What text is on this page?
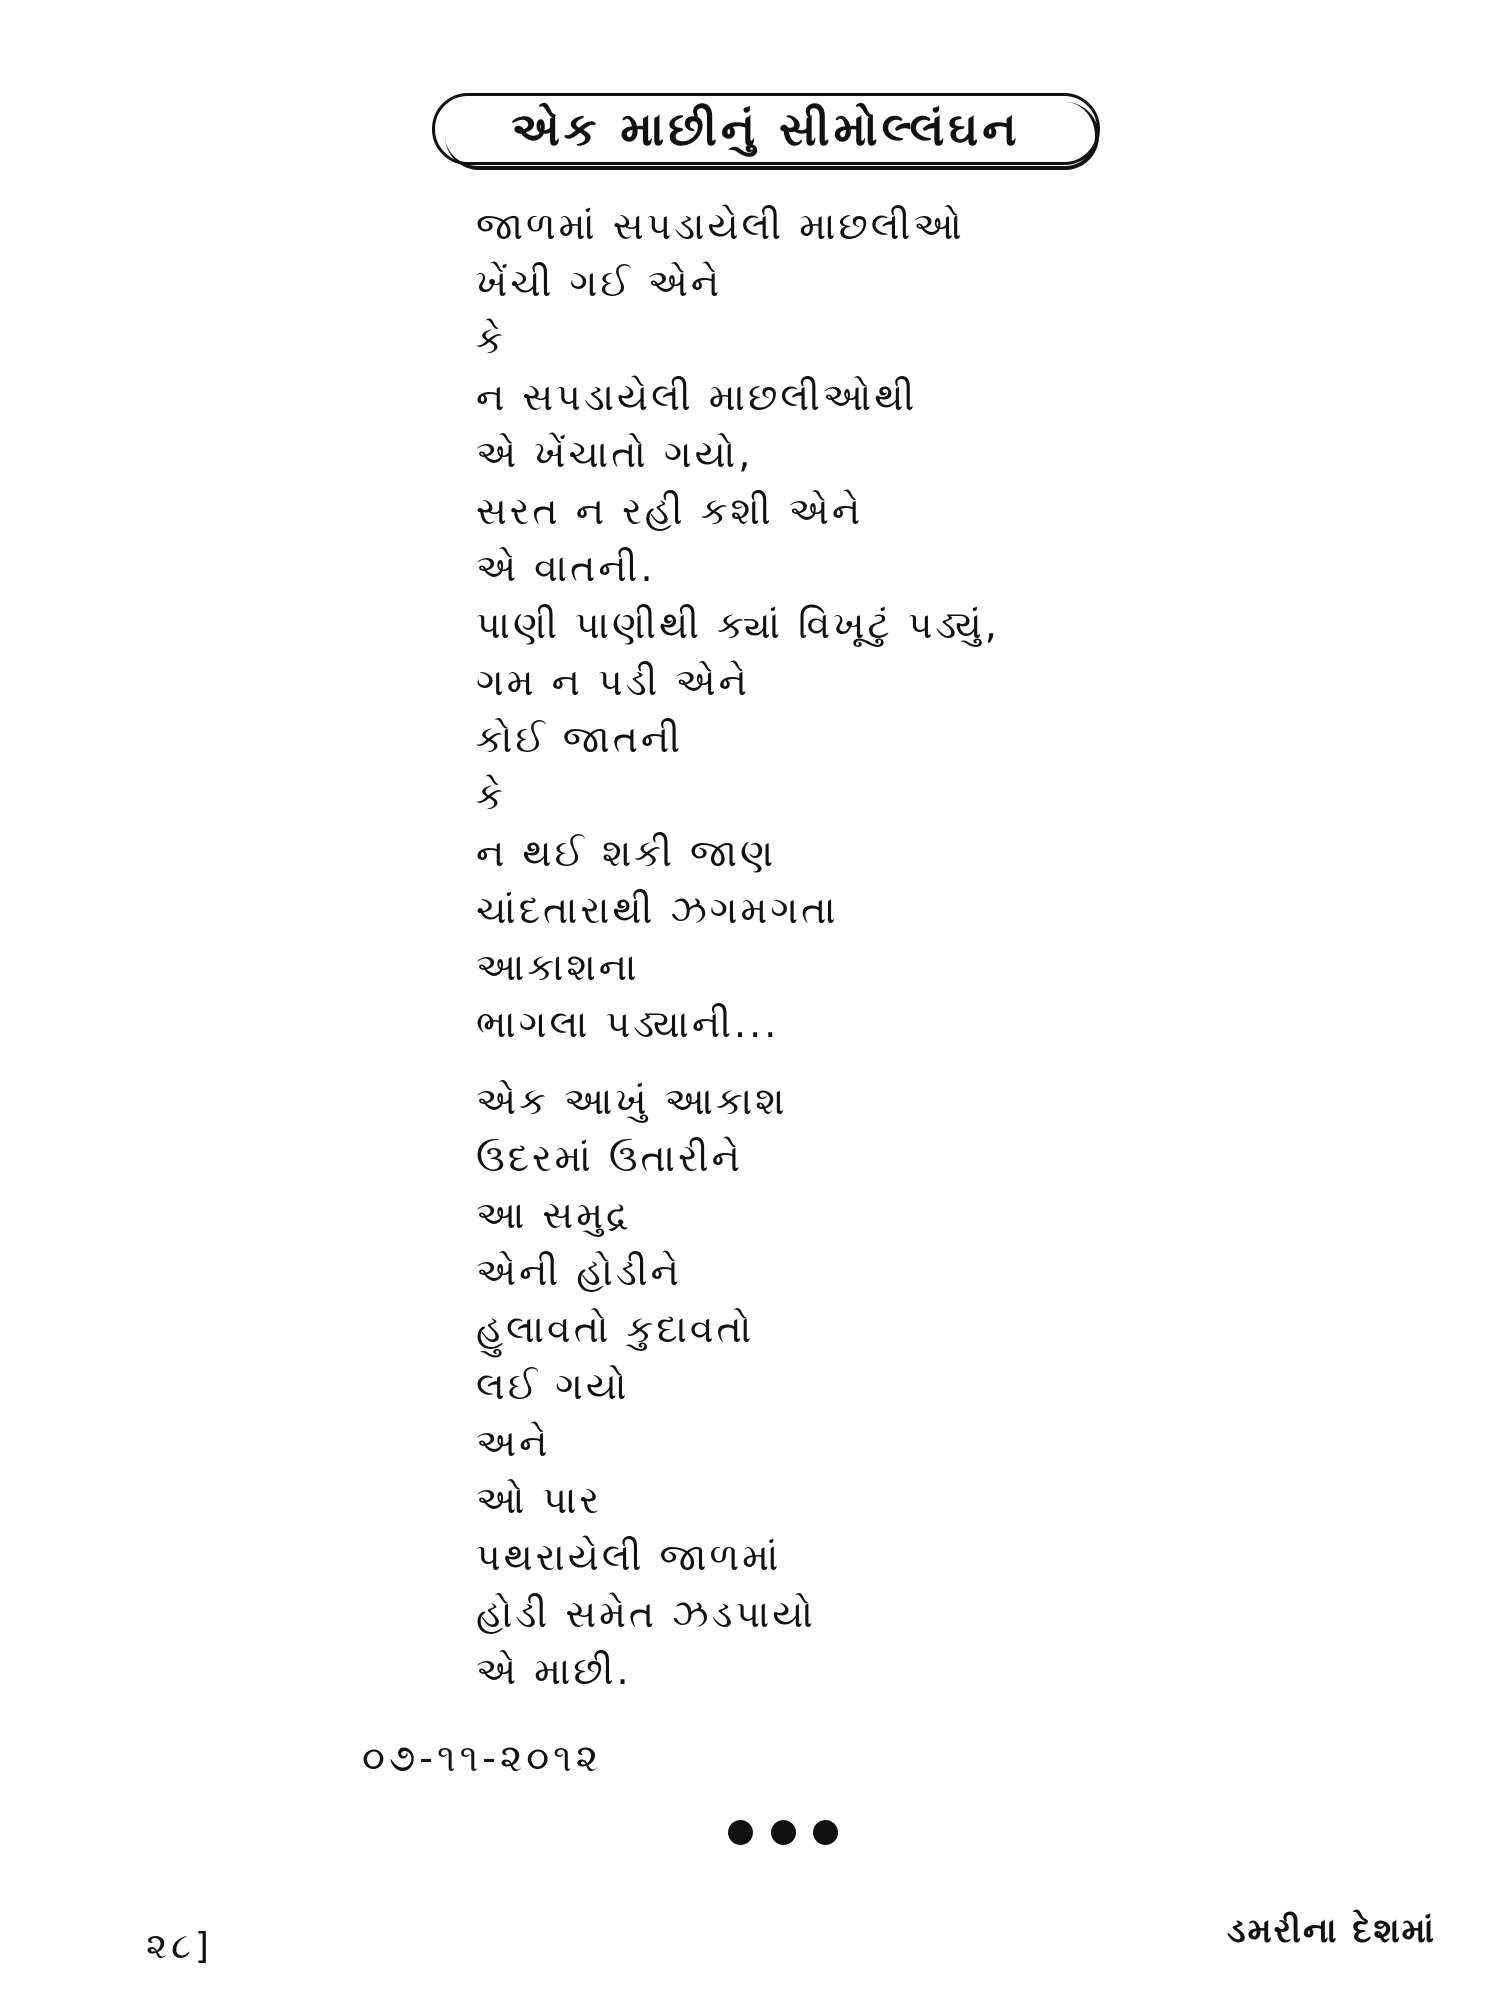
એક માછીનું સીમોલ્લંઘન
જાળમાં સપડાયેલી માછલીઓ
ખેંચી ગઈ એને
કે
ન સપડાયેલી માછલીઓથી
એ ખેંચાતો ગયો,
સરત ન રહી કશી એને
એ વાતની.
પાણી પાણીથી ક્યાં વિખૂટું પડ્યું,
ગમ ન પડી એને
કોઈ જાતની
કે
ન થઈ શકી જાણ
ચાંદતારાથી ઝગમગતા
આકાશના
ભાગલા પડ્યાની...
એક આખું આકાશ
ઉદરમાં ઉતારીને
આ સમુદ્ર
એની હોડીને
હુલાવતો કુદાવતો
લઈ ગયો
અને
ઓ પાર
પથરાયેલી જાળમાં
હોડી સમેત ઝડપાયો
એ માછી.
૦૭-૧૧-૨૦૧૨
૨૮]	ડમરીના દેશમાં
